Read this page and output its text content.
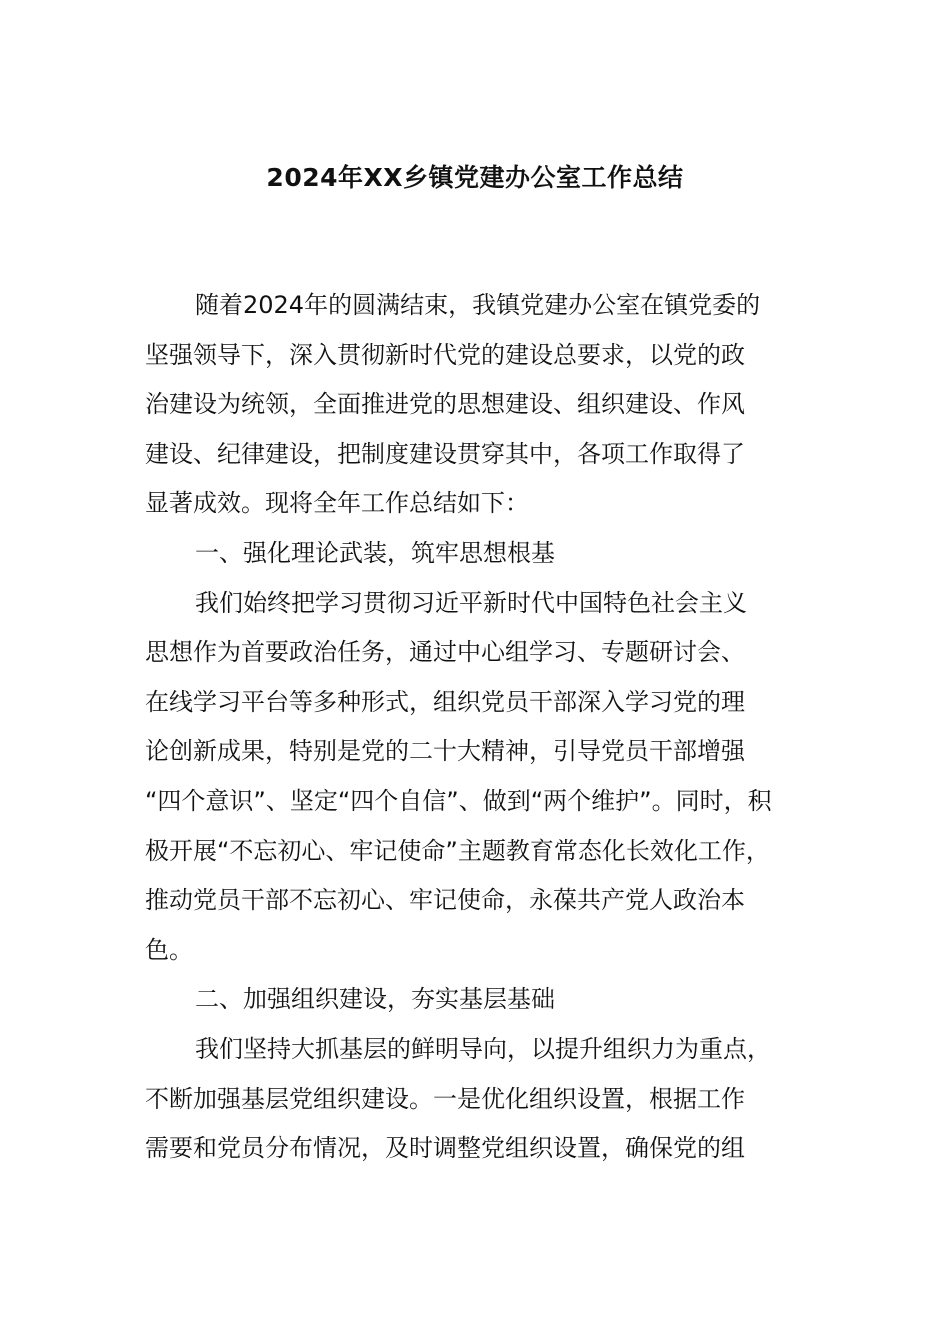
2024年XX乡镇党建办公室工作总结
随着2024年的圆满结束，我镇党建办公室在镇党委的
坚强领导下，深入贯彻新时代党的建设总要求，以党的政
治建设为统领，全面推进党的思想建设、组织建设、作风
建设、纪律建设，把制度建设贯穿其中，各项工作取得了
显著成效。现将全年工作总结如下：
一、强化理论武装，筑牢思想根基
我们始终把学习贯彻习近平新时代中国特色社会主义
思想作为首要政治任务，通过中心组学习、专题研讨会、
在线学习平台等多种形式，组织党员干部深入学习党的理
论创新成果，特别是党的二十大精神，引导党员干部增强
“四个意识”、坚定“四个自信”、做到“两个维护”。同时，积
极开展“不忘初心、牢记使命”主题教育常态化长效化工作，
推动党员干部不忘初心、牢记使命，永葆共产党人政治本
色。
二、加强组织建设，夯实基层基础
我们坚持大抓基层的鲜明导向，以提升组织力为重点，
不断加强基层党组织建设。一是优化组织设置，根据工作
需要和党员分布情况，及时调整党组织设置，确保党的组
